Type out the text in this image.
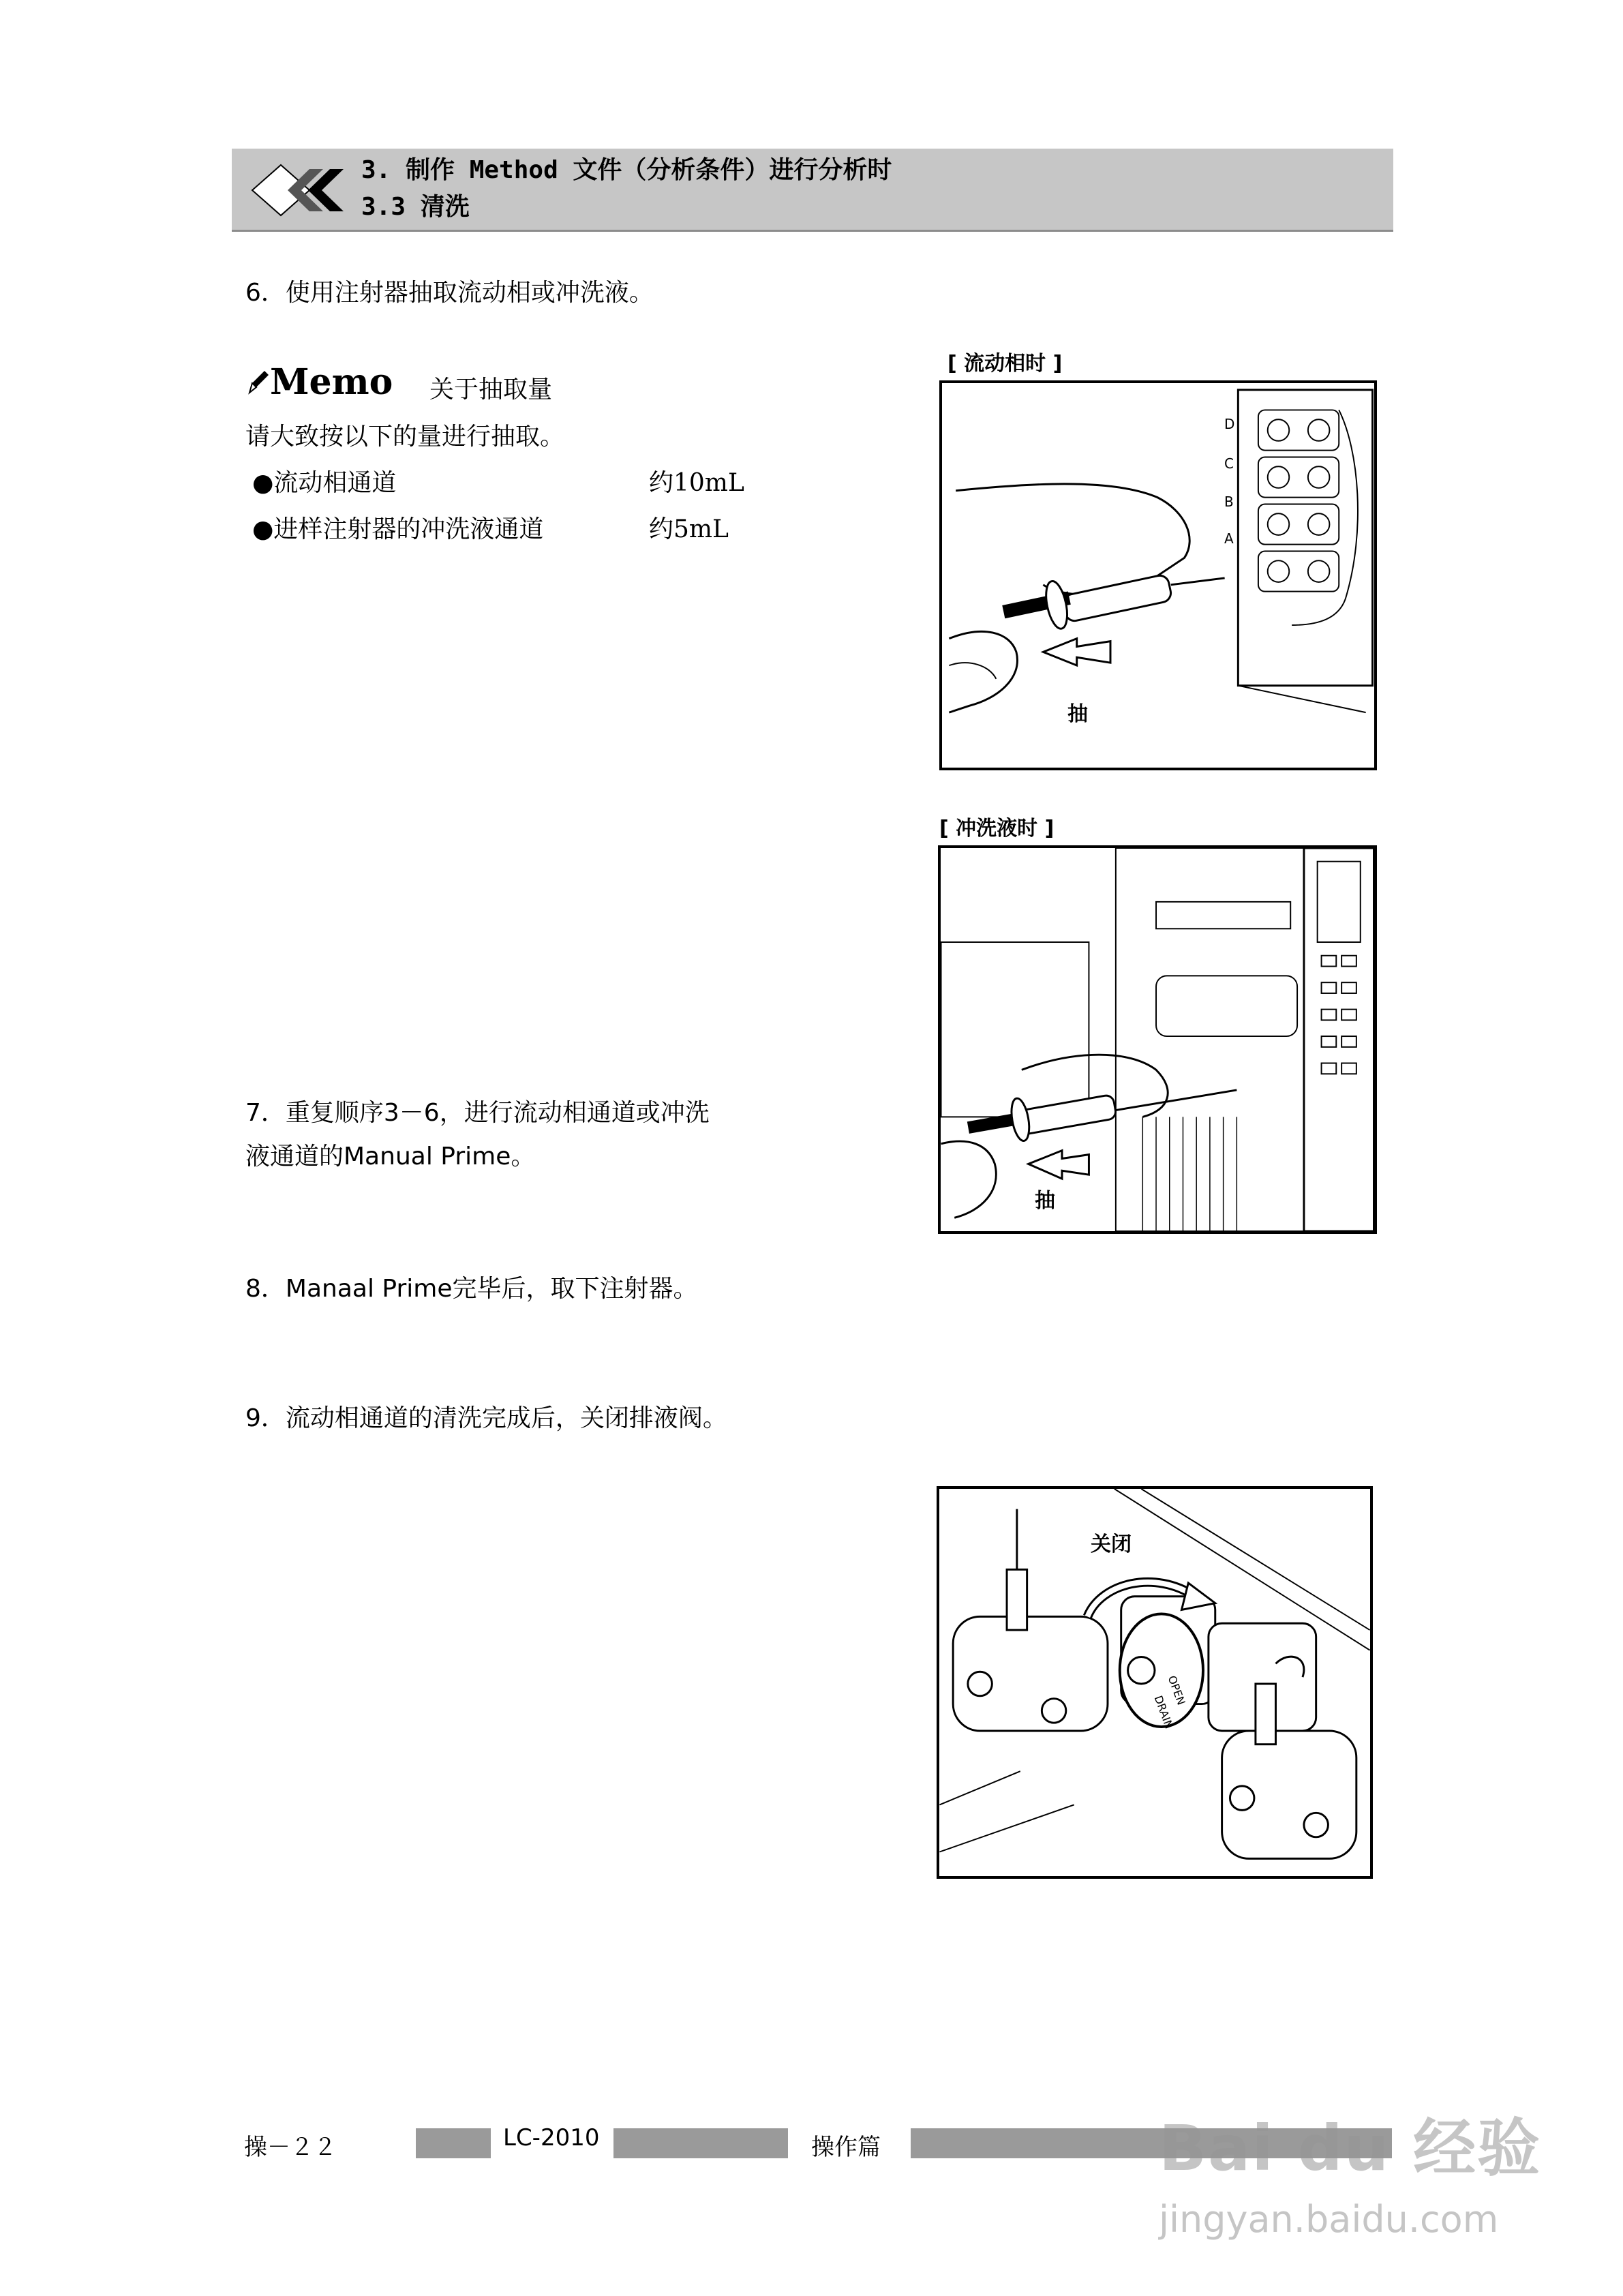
3. 制作 Method 文件（分析条件）进行分析时
3.3 清洗
6．使用注射器抽取流动相或冲洗液。
Memo 关于抽取量
请大致按以下的量进行抽取。
●流动相通道	约10mL
●进样注射器的冲洗液通道	约5mL
[ 流动相时 ]
D
C
B
A
抽
[ 冲洗液时 ]
抽
7．重复顺序3－6，进行流动相通道或冲洗
液通道的Manual Prime。
8．Manaal Prime完毕后，取下注射器。
9．流动相通道的清洗完成后，关闭排液阀。
关闭
DRAIN
OPEN
操－２２	LC-2010	操作篇	Bai du 经验
jingyan.baidu.com
